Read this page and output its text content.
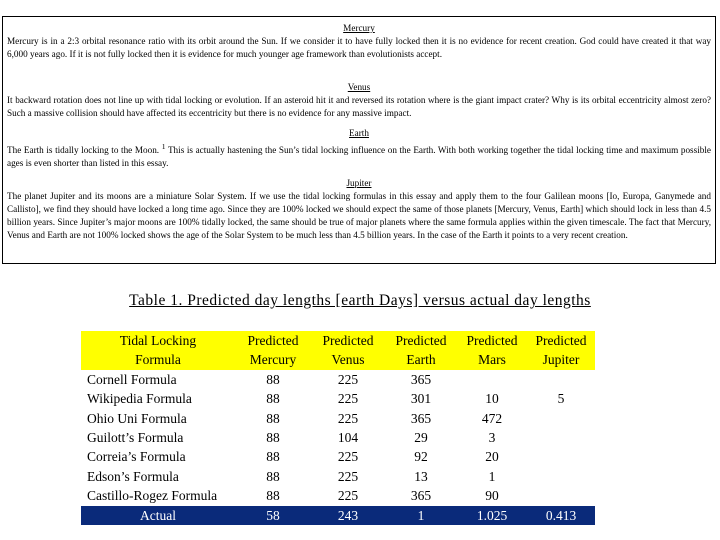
Mercury

Mercury is in a 2:3 orbital resonance ratio with its orbit around the Sun. If we consider it to have fully locked then it is no evidence for recent creation. God could have created it that way 6,000 years ago. If it is not fully locked then it is evidence for much younger age framework than evolutionists accept.

Venus

It backward rotation does not line up with tidal locking or evolution. If an asteroid hit it and reversed its rotation where is the giant impact crater? Why is its orbital eccentricity almost zero? Such a massive collision should have affected its eccentricity but there is no evidence for any massive impact.

Earth

The Earth is tidally locking to the Moon. $^1$ This is actually hastening the Sun’s tidal locking influence on the Earth. With both working together the tidal locking time and maximum possible ages is even shorter than listed in this essay.

Jupiter

The planet Jupiter and its moons are a miniature Solar System. If we use the tidal locking formulas in this essay and apply them to the four Galilean moons [Io, Europa, Ganymede and Callisto], we find they should have locked a long time ago. Since they are 100% locked we should expect the same of those planets [Mercury, Venus, Earth] which should lock in less than 4.5 billion years. Since Jupiter’s major moons are 100% tidally locked, the same should be true of major planets where the same formula applies within the given timescale. The fact that Mercury, Venus and Earth are not 100% locked shows the age of the Solar System to be much less than 4.5 billion years. In the case of the Earth it points to a very recent creation.

Table 1. Predicted day lengths [earth Days] versus actual day lengths
Tidal Locking	Predicted	Predicted	Predicted	Predicted	Predicted
Formula	Mercury	Venus	Earth	Mars	Jupiter
Cornell Formula	88	225	365		
Wikipedia Formula	88	225	301	10	5
Ohio Uni Formula	88	225	365	472	
Guilott’s Formula	88	104	29	3	
Correia’s Formula	88	225	92	20	
Edson’s Formula	88	225	13	1	
Castillo-Rogez Formula	88	225	365	90	
Actual	58	243	1	1.025	0.413
